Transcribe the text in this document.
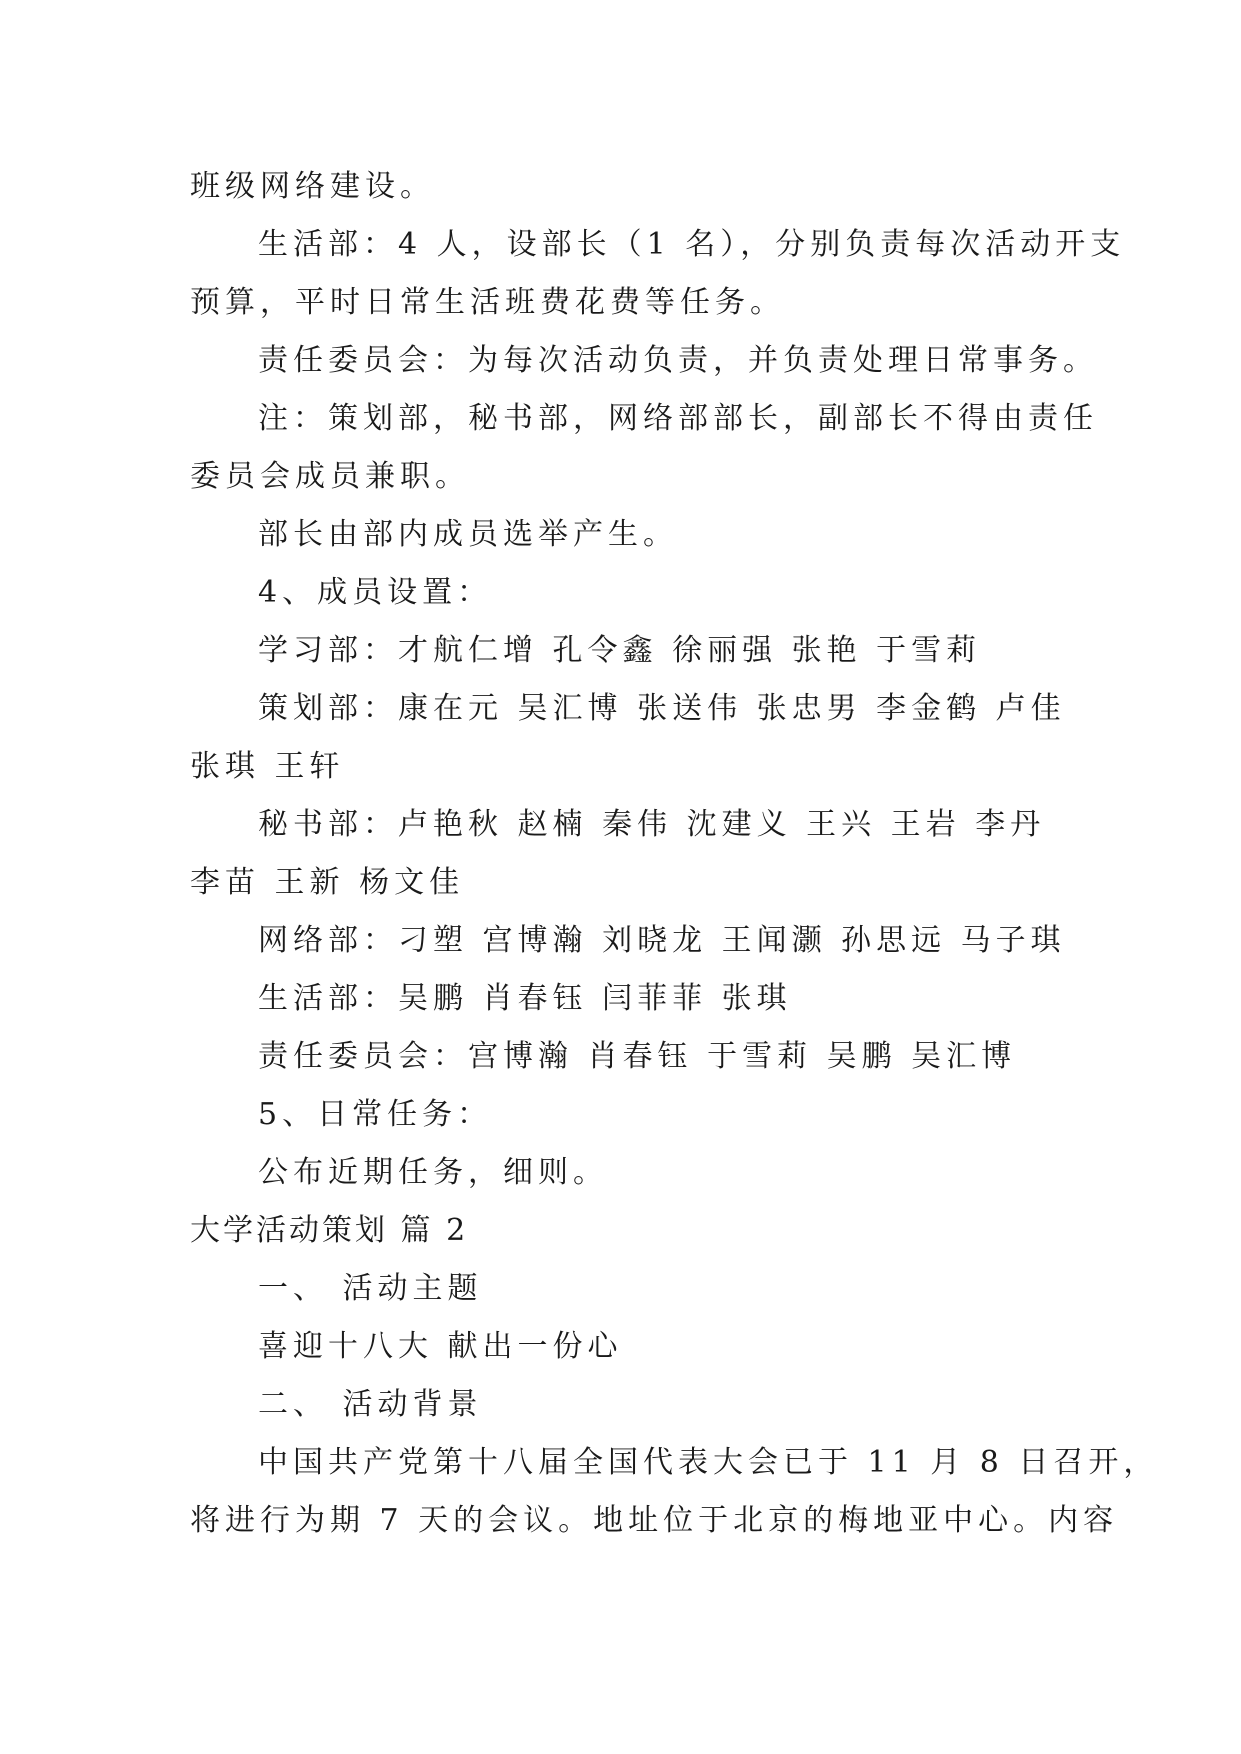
班级网络建设。
生活部：4 人，设部长（1 名），分别负责每次活动开支
预算，平时日常生活班费花费等任务。
责任委员会：为每次活动负责，并负责处理日常事务。
注：策划部，秘书部，网络部部长，副部长不得由责任
委员会成员兼职。
部长由部内成员选举产生。
4、成员设置：
学习部：才航仁增 孔令鑫 徐丽强 张艳 于雪莉
策划部：康在元 吴汇博 张送伟 张忠男 李金鹤 卢佳
张琪 王轩
秘书部：卢艳秋 赵楠 秦伟 沈建义 王兴 王岩 李丹
李苗 王新 杨文佳
网络部：刁塑 宫博瀚 刘晓龙 王闻灏 孙思远 马子琪
生活部：吴鹏 肖春钰 闫菲菲 张琪
责任委员会：宫博瀚 肖春钰 于雪莉 吴鹏 吴汇博
5、日常任务：
公布近期任务，细则。
大学活动策划 篇 2
一、 活动主题
喜迎十八大 献出一份心
二、 活动背景
中国共产党第十八届全国代表大会已于 11 月 8 日召开，
将进行为期 7 天的会议。地址位于北京的梅地亚中心。内容
